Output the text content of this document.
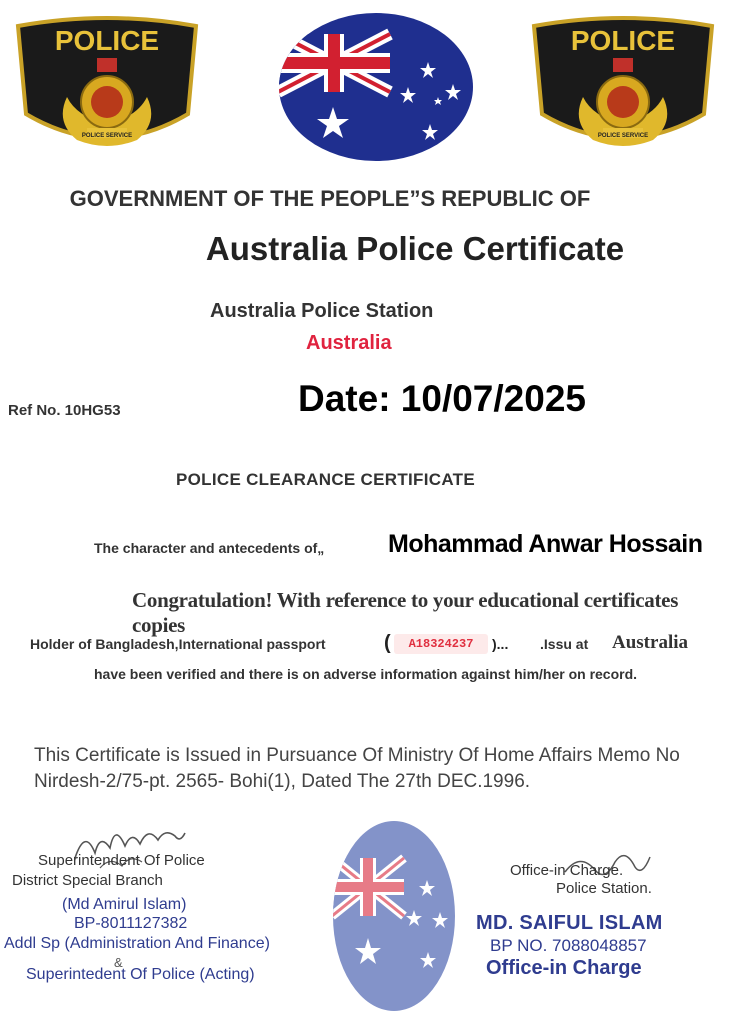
POLICE
POLICE SERVICE
POLICE
POLICE SERVICE
GOVERNMENT OF THE PEOPLE”S REPUBLIC OF
Australia Police Certificate
Australia Police Station
Australia
Ref No. 10HG53	Date: 10/07/2025
POLICE CLEARANCE CERTIFICATE
The character and antecedents of„	Mohammad Anwar Hossain
Congratulation! With reference to your educational certificates copies
Holder of Bangladesh,International passport	(	A18324237	)... .Issu at Australia
have been verified and there is on adverse information against him/her on record.
This Certificate is Issued in Pursuance Of Ministry Of Home Affairs Memo No
Nirdesh-2/75-pt. 2565- Bohi(1), Dated The 27th DEC.1996.
Superintendent Of Police
District Special Branch
(Md Amirul Islam)
BP-8011127382
Addl Sp (Administration And Finance)
&
Superintedent Of Police (Acting)
Office-in Charge.
Police Station.
MD. SAIFUL ISLAM
BP NO. 7088048857
Office-in Charge
